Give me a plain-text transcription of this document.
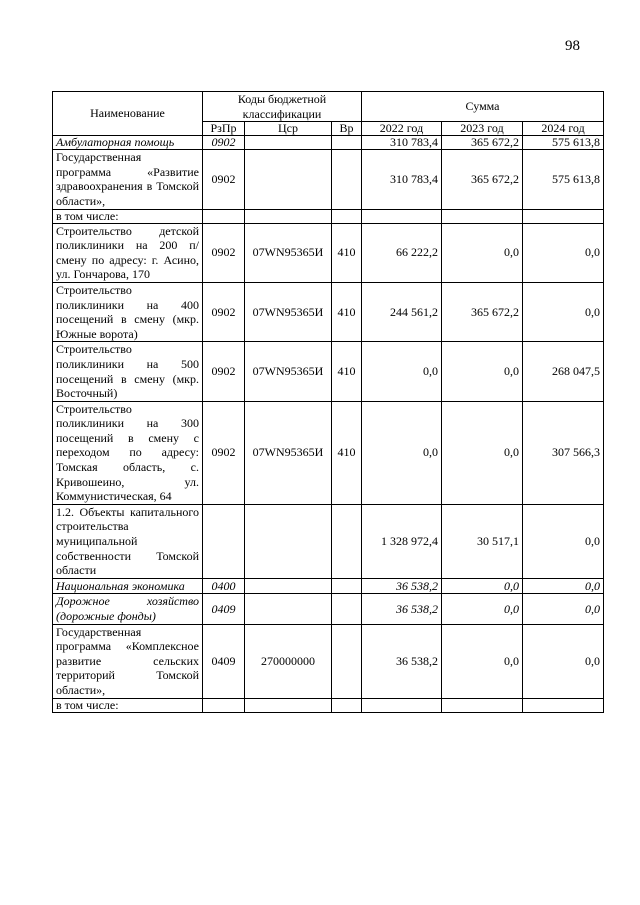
98
Наименование	Коды бюджетной классификации			Сумма		
	РзПр	Цср	Вр	2022 год	2023 год	2024 год
Амбулаторная помощь	0902			310 783,4	365 672,2	575 613,8
Государственная программа «Развитие здравоохранения в Томской области»,	0902			310 783,4	365 672,2	575 613,8
в том числе:						
Строительство детской поликлиники на 200 п/смену по адресу: г. Асино, ул. Гончарова, 170	0902	07WN95365И	410	66 222,2	0,0	0,0
Строительство поликлиники на 400 посещений в смену (мкр. Южные ворота)	0902	07WN95365И	410	244 561,2	365 672,2	0,0
Строительство поликлиники на 500 посещений в смену (мкр. Восточный)	0902	07WN95365И	410	0,0	0,0	268 047,5
Строительство поликлиники на 300 посещений в смену с переходом по адресу: Томская область, с. Кривошеино, ул. Коммунистическая, 64	0902	07WN95365И	410	0,0	0,0	307 566,3
1.2. Объекты капитального строительства муниципальной собственности Томской области				1 328 972,4	30 517,1	0,0
Национальная экономика	0400			36 538,2	0,0	0,0
Дорожное хозяйство (дорожные фонды)	0409			36 538,2	0,0	0,0
Государственная программа «Комплексное развитие сельских территорий Томской области»,	0409	270000000		36 538,2	0,0	0,0
в том числе:						
